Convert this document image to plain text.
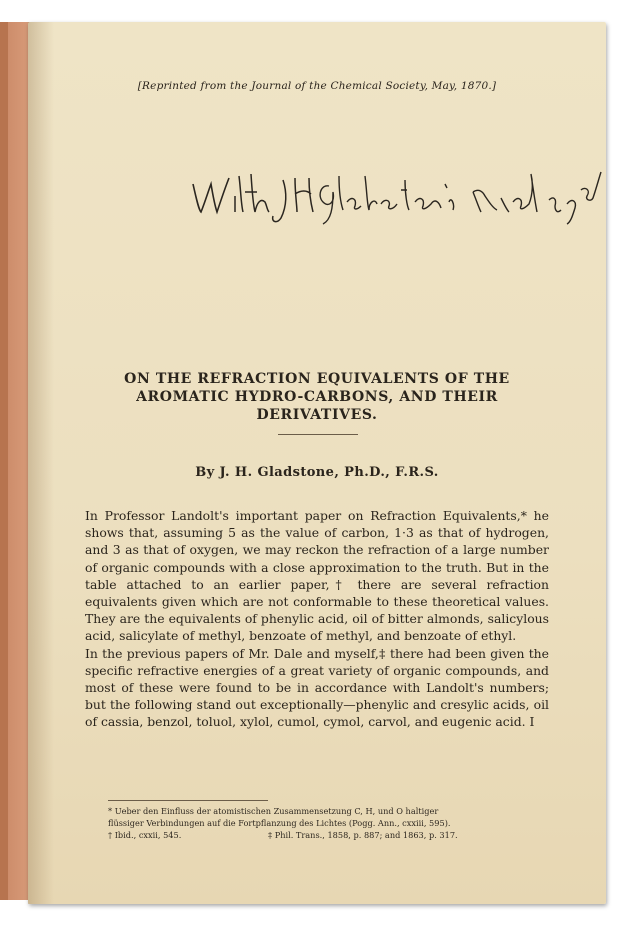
[Reprinted from the Journal of the Chemical Society, May, 1870.]
ON THE REFRACTION EQUIVALENTS OF THE
AROMATIC HYDRO-CARBONS, AND THEIR
DERIVATIVES.
By J. H. Gladstone, Ph.D., F.R.S.

In Professor Landolt's important paper on Refraction Equivalents,* he shows that, assuming 5 as the value of carbon, 1·3 as that of hydrogen, and 3 as that of oxygen, we may reckon the refraction of a large number of organic compounds with a close approximation to the truth. But in the table attached to an earlier paper,† there are several refraction equivalents given which are not conformable to these theoretical values. They are the equivalents of phenylic acid, oil of bitter almonds, salicylous acid, salicylate of methyl, benzoate of methyl, and benzoate of ethyl.

In the previous papers of Mr. Dale and myself,‡ there had been given the specific refractive energies of a great variety of organic compounds, and most of these were found to be in accordance with Landolt's numbers; but the following stand out exceptionally—phenylic and cresylic acids, oil of cassia, benzol, toluol, xylol, cumol, cymol, carvol, and eugenic acid. I

* Ueber den Einfluss der atomistischen Zusammensetzung C, H, und O haltiger
flüssiger Verbindungen auf die Fortpflanzung des Lichtes (Pogg. Ann., cxxiii, 595).
† Ibid., cxxii, 545.	‡ Phil. Trans., 1858, p. 887; and 1863, p. 317.
